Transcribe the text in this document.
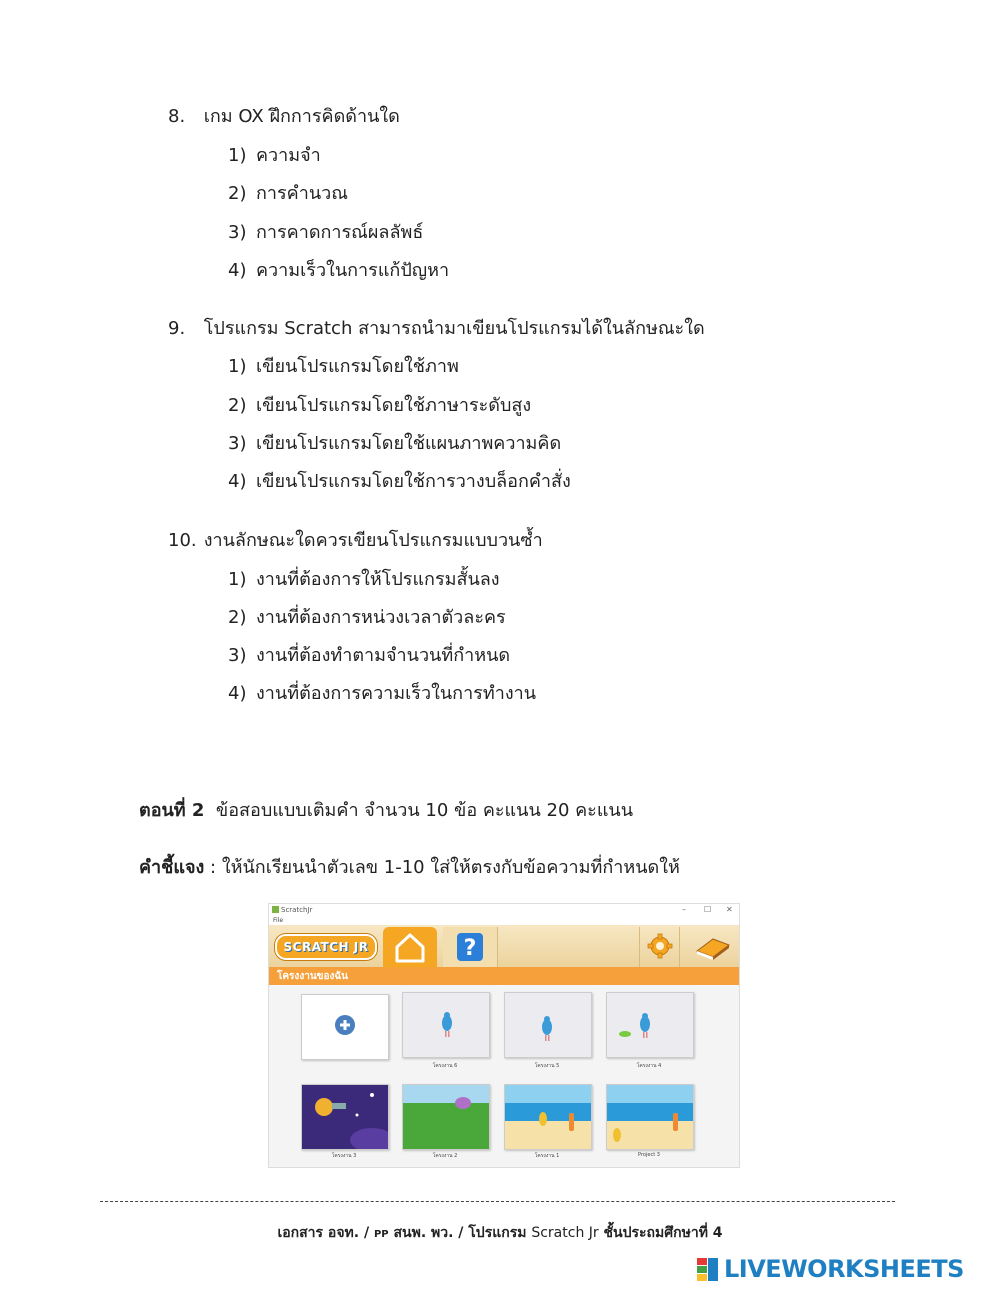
8. เกม OX ฝึกการคิดด้านใด
1) ความจำ
2) การคำนวณ
3) การคาดการณ์ผลลัพธ์
4) ความเร็วในการแก้ปัญหา
9. โปรแกรม Scratch สามารถนำมาเขียนโปรแกรมได้ในลักษณะใด
1) เขียนโปรแกรมโดยใช้ภาพ
2) เขียนโปรแกรมโดยใช้ภาษาระดับสูง
3) เขียนโปรแกรมโดยใช้แผนภาพความคิด
4) เขียนโปรแกรมโดยใช้การวางบล็อกคำสั่ง
10. งานลักษณะใดควรเขียนโปรแกรมแบบวนซ้ำ
1) งานที่ต้องการให้โปรแกรมสั้นลง
2) งานที่ต้องการหน่วงเวลาตัวละคร
3) งานที่ต้องทำตามจำนวนที่กำหนด
4) งานที่ต้องการความเร็วในการทำงาน
ตอนที่ 2 ข้อสอบแบบเติมคำ จำนวน 10 ข้อ คะแนน 20 คะแนน
คำชี้แจง : ให้นักเรียนนำตัวเลข 1-10 ใส่ให้ตรงกับข้อความที่กำหนดให้
ScratchJr	– ☐ ✕
File
SCRATCH JR	?
โครงงานของฉัน
โครงงาน 6	โครงงาน 5	โครงงาน 4
โครงงาน 3	โครงงาน 2	โครงงาน 1	Project 3
เอกสาร อจท. / PP สนพ. พว. / โปรแกรม Scratch Jr ชั้นประถมศึกษาที่ 4
LIVEWORKSHEETS
